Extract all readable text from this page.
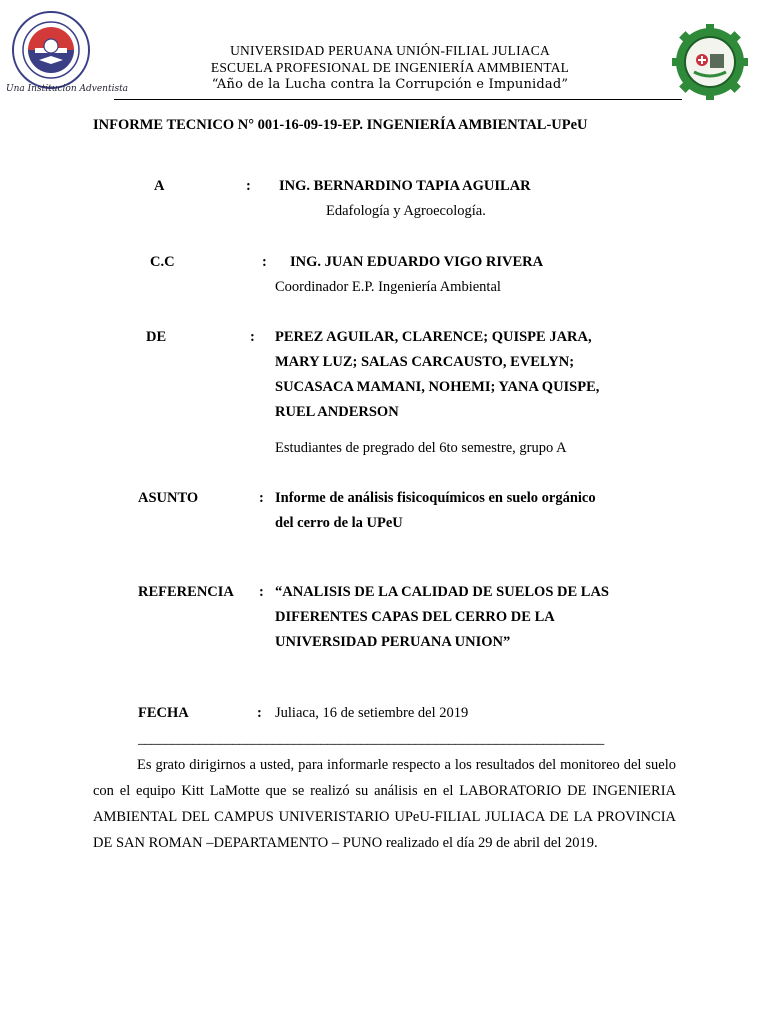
Una Institución Adventista
UNIVERSIDAD PERUANA UNIÓN-FILIAL JULIACA
ESCUELA PROFESIONAL DE INGENIERÍA AMMBIENTAL
“Año de la Lucha contra la Corrupción e Impunidad”
INFORME TECNICO N° 001-16-09-19-EP. INGENIERÍA AMBIENTAL-UPeU
A	: ING. BERNARDINO TAPIA AGUILAR
Edafología y Agroecología.
C.C	: ING. JUAN EDUARDO VIGO RIVERA
Coordinador E.P. Ingeniería Ambiental
DE	: PEREZ AGUILAR, CLARENCE; QUISPE JARA,
MARY LUZ; SALAS CARCAUSTO, EVELYN;
SUCASACA MAMANI, NOHEMI; YANA QUISPE,
RUEL ANDERSON
Estudiantes de pregrado del 6to semestre, grupo A
ASUNTO	: Informe de análisis fisicoquímicos en suelo orgánico
del cerro de la UPeU
REFERENCIA : “ANALISIS DE LA CALIDAD DE SUELOS DE LAS
DIFERENTES CAPAS DEL CERRO DE LA
UNIVERSIDAD PERUANA UNION”
FECHA	: Juliaca, 16 de setiembre del 2019
_____________________________________________________________________
Es grato dirigirnos a usted, para informarle respecto a los resultados del monitoreo del suelo con el equipo Kitt LaMotte que se realizó su análisis en el LABORATORIO DE INGENIERIA AMBIENTAL DEL CAMPUS UNIVERISTARIO UPeU-FILIAL JULIACA DE LA PROVINCIA DE SAN ROMAN –DEPARTAMENTO – PUNO realizado el día 29 de abril del 2019.
